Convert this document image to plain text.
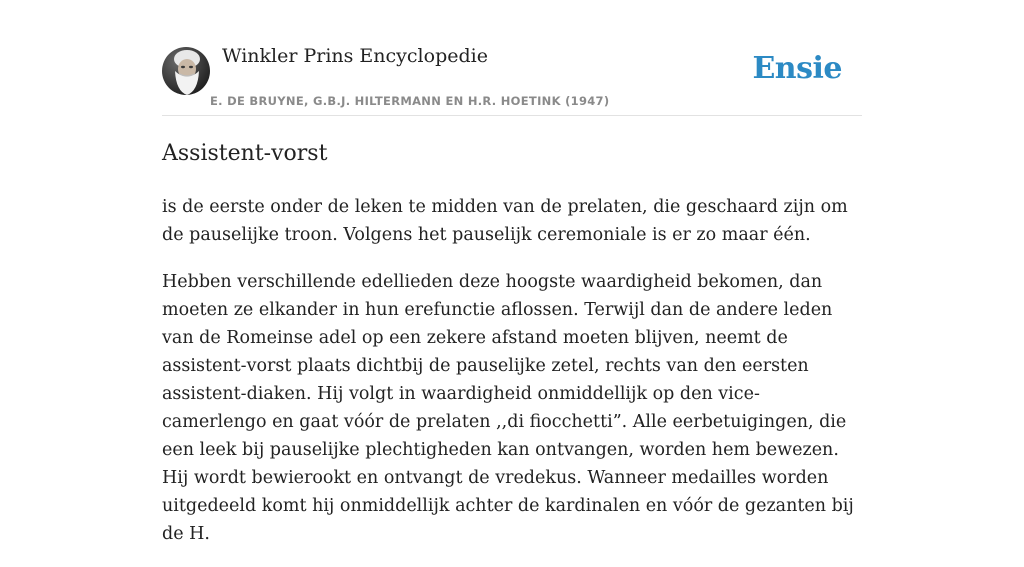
Winkler Prins Encyclopedie
E. DE BRUYNE, G.B.J. HILTERMANN EN H.R. HOETINK (1947)
Ensie
Assistent-vorst

is de eerste onder de leken te midden van de prelaten, die geschaard zijn om de pauselijke troon. Volgens het pauselijk ceremoniale is er zo maar één.

Hebben verschillende edellieden deze hoogste waardigheid bekomen, dan moeten ze elkander in hun erefunctie aflossen. Terwijl dan de andere leden van de Romeinse adel op een zekere afstand moeten blijven, neemt de assistent-vorst plaats dichtbij de pauselijke zetel, rechts van den eersten assistent-diaken. Hij volgt in waardigheid onmiddellijk op den vice-camerlengo en gaat vóór de prelaten ,,di fiocchetti”. Alle eerbetuigingen, die een leek bij pauselijke plechtigheden kan ontvangen, worden hem bewezen. Hij wordt bewierookt en ontvangt de vredekus. Wanneer medailles worden uitgedeeld komt hij onmiddellijk achter de kardinalen en vóór de gezanten bij de H.
